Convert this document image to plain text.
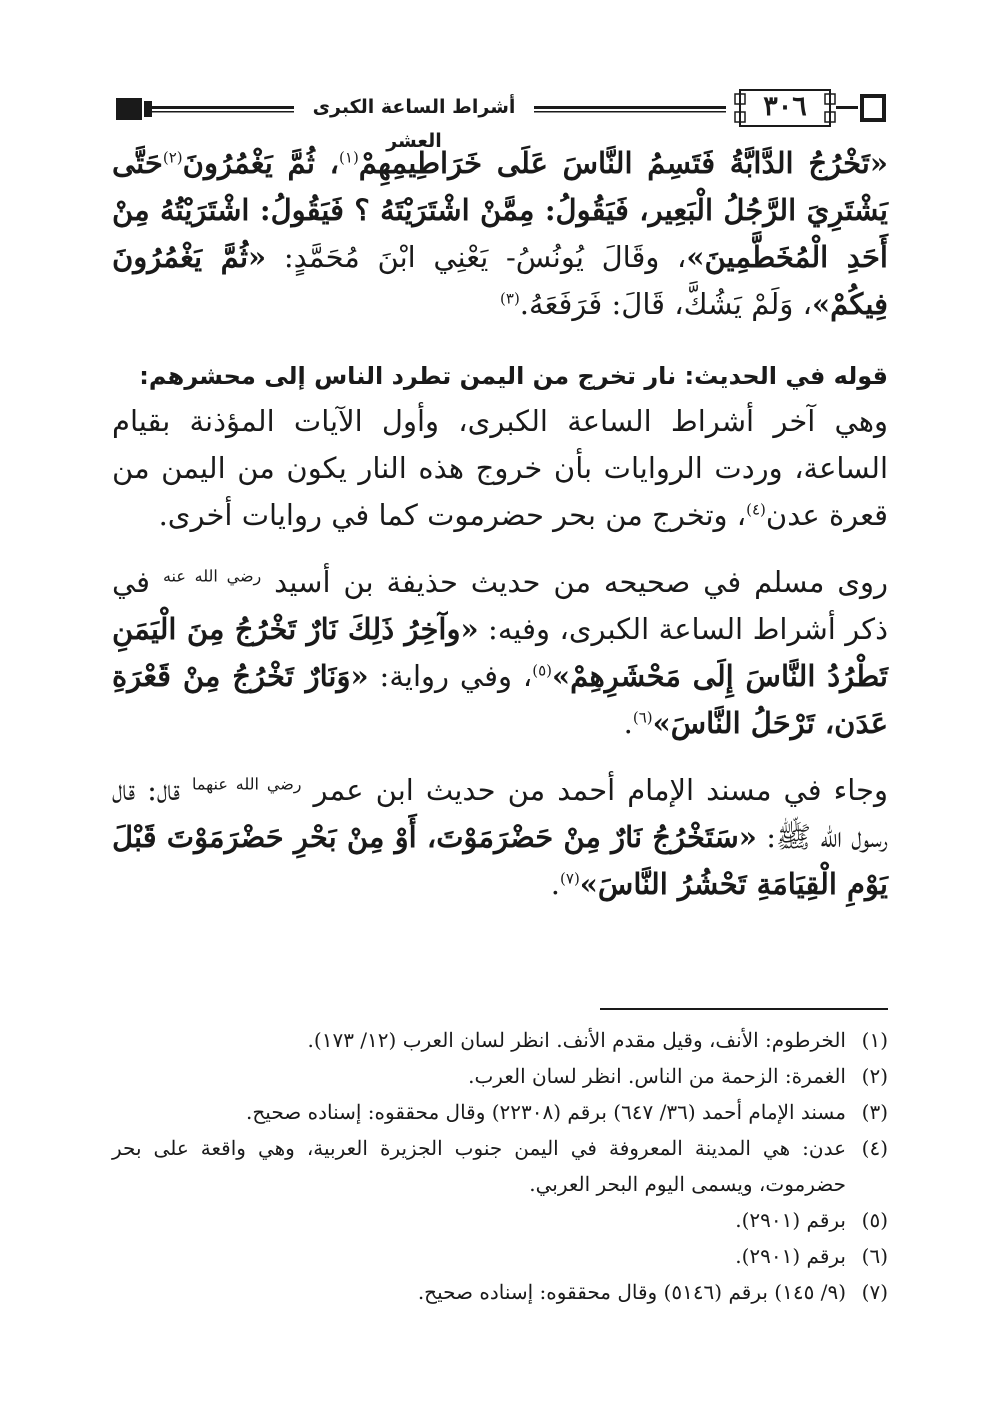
أشراط الساعة الكبرى العشر
٣٠٦

«تَخْرُجُ الدَّابَّةُ فَتَسِمُ النَّاسَ عَلَى خَرَاطِيمِهِمْ$^{(١)}$، ثُمَّ يَغْمُرُونَ$^{(٢)}$حَتَّى يَشْتَرِيَ الرَّجُلُ الْبَعِير، فَيَقُولُ: مِمَّنْ اشْتَرَيْتَهُ ؟ فَيَقُولُ: اشْتَرَيْتُهُ مِنْ أَحَدِ الْمُخَطَّمِينَ»، وقَالَ يُونُسُ- يَعْنِي ابْنَ مُحَمَّدٍ: «ثُمَّ يَغْمُرُونَ فِيكُمْ»، وَلَمْ يَشُكَّ، قَالَ: فَرَفَعَهُ.$^{(٣)}$

قوله في الحديث: نار تخرج من اليمن تطرد الناس إلى محشرهم:

وهي آخر أشراط الساعة الكبرى، وأول الآيات المؤذنة بقيام الساعة، وردت الروايات بأن خروج هذه النار يكون من اليمن من قعرة عدن$^{(٤)}$، وتخرج من بحر حضرموت كما في روايات أخرى.

روى مسلم في صحيحه من حديث حذيفة بن أسيد $^{رضي الله عنه}$ في ذكر أشراط الساعة الكبرى، وفيه: «وآخِرُ ذَلِكَ نَارٌ تَخْرُجُ مِنَ الْيَمَنِ تَطْرُدُ النَّاسَ إِلَى مَحْشَرِهِمْ»$^{(٥)}$، وفي رواية: «وَنَارٌ تَخْرُجُ مِنْ قَعْرَةِ عَدَن، تَرْحَلُ النَّاسَ»$^{(٦)}$.

وجاء في مسند الإمام أحمد من حديث ابن عمر $^{رضي الله عنهما}$ قال: قال رسول الله ﷺ: «سَتَخْرُجُ نَارٌ مِنْ حَضْرَمَوْتَ، أَوْ مِنْ بَحْرِ حَضْرَمَوْتَ قَبْلَ يَوْمِ الْقِيَامَةِ تَحْشُرُ النَّاسَ»$^{(٧)}$.

(١)
الخرطوم: الأنف، وقيل مقدم الأنف. انظر لسان العرب (١٢/ ١٧٣).
(٢)
الغمرة: الزحمة من الناس. انظر لسان العرب.
(٣)
مسند الإمام أحمد (٣٦/ ٦٤٧) برقم (٢٢٣٠٨) وقال محققوه: إسناده صحيح.
(٤)
عدن: هي المدينة المعروفة في اليمن جنوب الجزيرة العربية، وهي واقعة على بحر حضرموت، ويسمى اليوم البحر العربي.
(٥)
برقم (٢٩٠١).
(٦)
برقم (٢٩٠١).
(٧)
(٩/ ١٤٥) برقم (٥١٤٦) وقال محققوه: إسناده صحيح.
